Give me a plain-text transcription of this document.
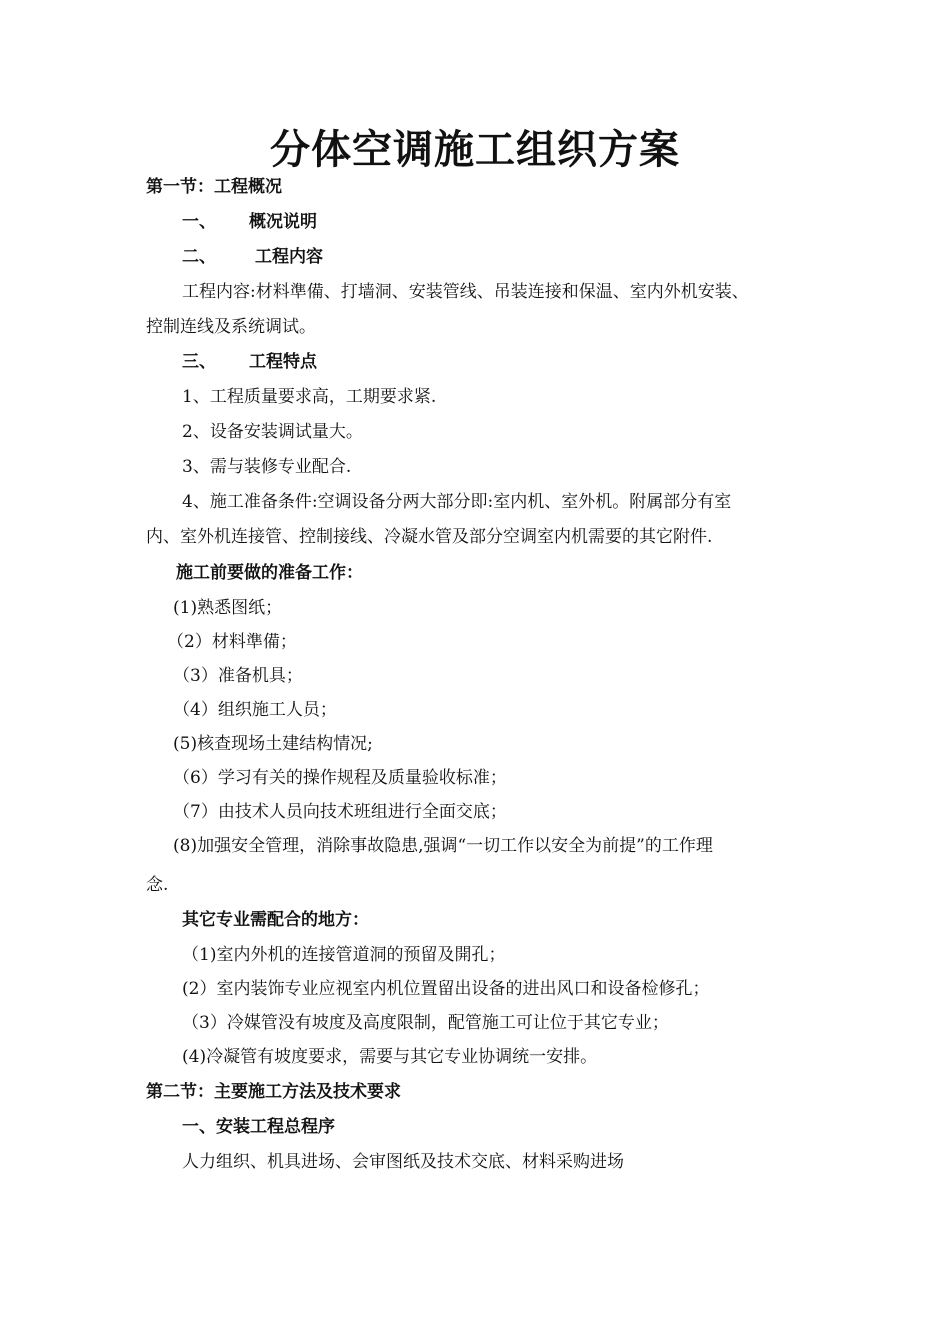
分体空调施工组织方案
第一节：工程概况
一、 概况说明
二、 工程内容
工程内容:材料準備、打墙洞、安装管线、吊装连接和保温、室内外机安装、
控制连线及系统调试。
三、 工程特点
1、工程质量要求高，工期要求紧.
2、设备安装调试量大。
3、需与装修专业配合.
4、施工准备条件:空调设备分两大部分即:室内机、室外机。附属部分有室
内、室外机连接管、控制接线、冷凝水管及部分空调室内机需要的其它附件.
施工前要做的准备工作：
(1)熟悉图纸；
（2）材料準備；
（3）准备机具；
（4）组织施工人员；
(5)核查现场土建结构情况;
（6）学习有关的操作规程及质量验收标准；
（7）由技术人员向技术班组进行全面交底；
(8)加强安全管理，消除事故隐患,强调“一切工作以安全为前提”的工作理
念.
其它专业需配合的地方：
（1)室内外机的连接管道洞的预留及開孔；
(2）室内装饰专业应视室内机位置留出设备的进出风口和设备检修孔；
（3）冷媒管没有坡度及高度限制，配管施工可让位于其它专业；
(4)冷凝管有坡度要求，需要与其它专业协调统一安排。
第二节：主要施工方法及技术要求
一、安装工程总程序
人力组织、机具进场、会审图纸及技术交底、材料采购进场
